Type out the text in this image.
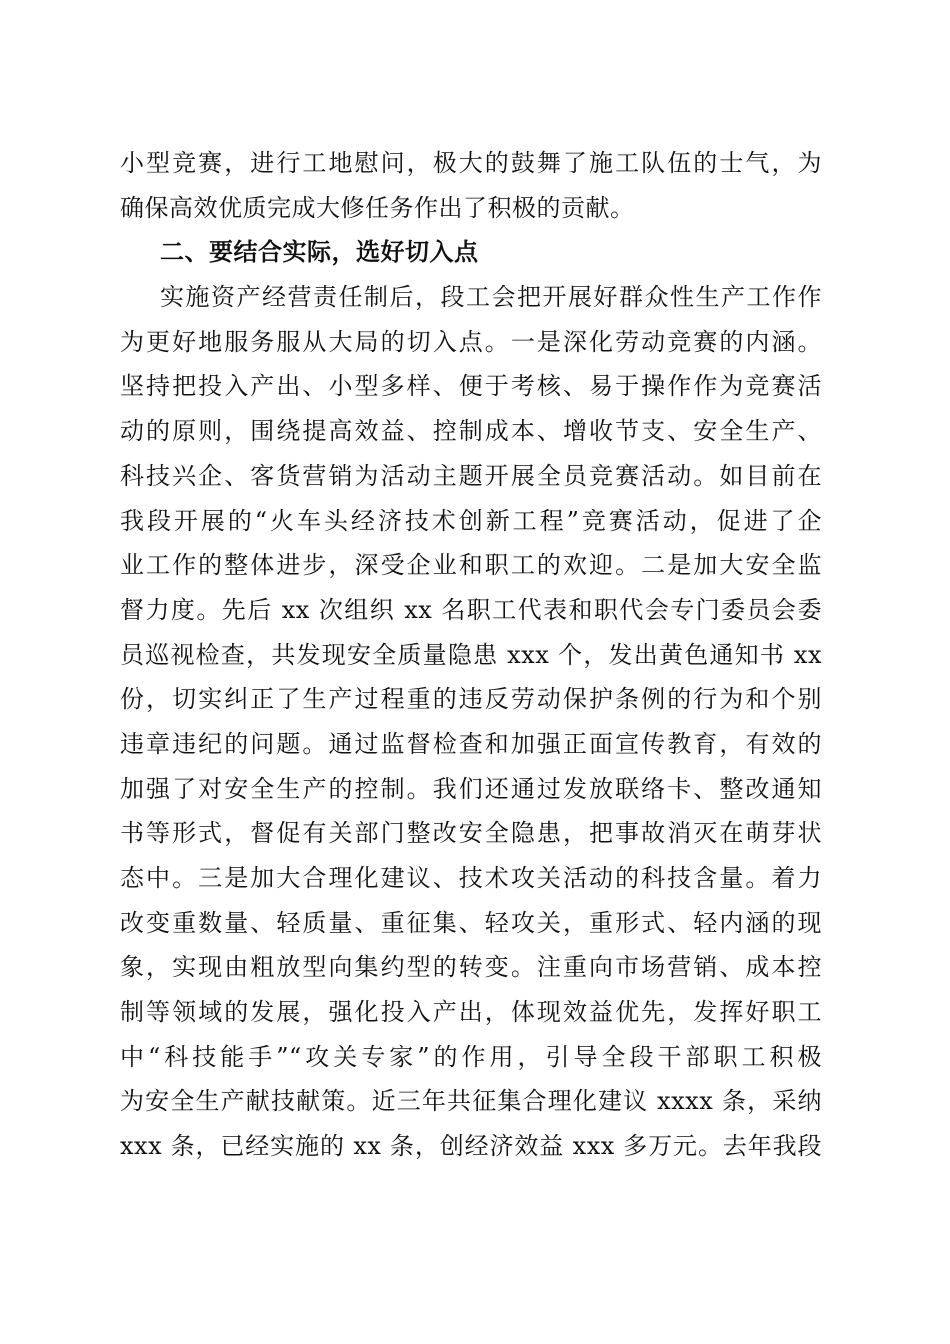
小型竞赛，进行工地慰问，极大的鼓舞了施工队伍的士气，为
确保高效优质完成大修任务作出了积极的贡献。
二、要结合实际，选好切入点
实施资产经营责任制后，段工会把开展好群众性生产工作作
为更好地服务服从大局的切入点。一是深化劳动竞赛的内涵。
坚持把投入产出、小型多样、便于考核、易于操作作为竞赛活
动的原则，围绕提高效益、控制成本、增收节支、安全生产、
科技兴企、客货营销为活动主题开展全员竞赛活动。如目前在
我段开展的“火车头经济技术创新工程”竞赛活动，促进了企
业工作的整体进步，深受企业和职工的欢迎。二是加大安全监
督力度。先后 xx 次组织 xx 名职工代表和职代会专门委员会委
员巡视检查，共发现安全质量隐患 xxx 个，发出黄色通知书 xx
份，切实纠正了生产过程重的违反劳动保护条例的行为和个别
违章违纪的问题。通过监督检查和加强正面宣传教育，有效的
加强了对安全生产的控制。我们还通过发放联络卡、整改通知
书等形式，督促有关部门整改安全隐患，把事故消灭在萌芽状
态中。三是加大合理化建议、技术攻关活动的科技含量。着力
改变重数量、轻质量、重征集、轻攻关，重形式、轻内涵的现
象，实现由粗放型向集约型的转变。注重向市场营销、成本控
制等领域的发展，强化投入产出，体现效益优先，发挥好职工
中“科技能手”“攻关专家”的作用，引导全段干部职工积极
为安全生产献技献策。近三年共征集合理化建议 xxxx 条，采纳
xxx 条，已经实施的 xx 条，创经济效益 xxx 多万元。去年我段
